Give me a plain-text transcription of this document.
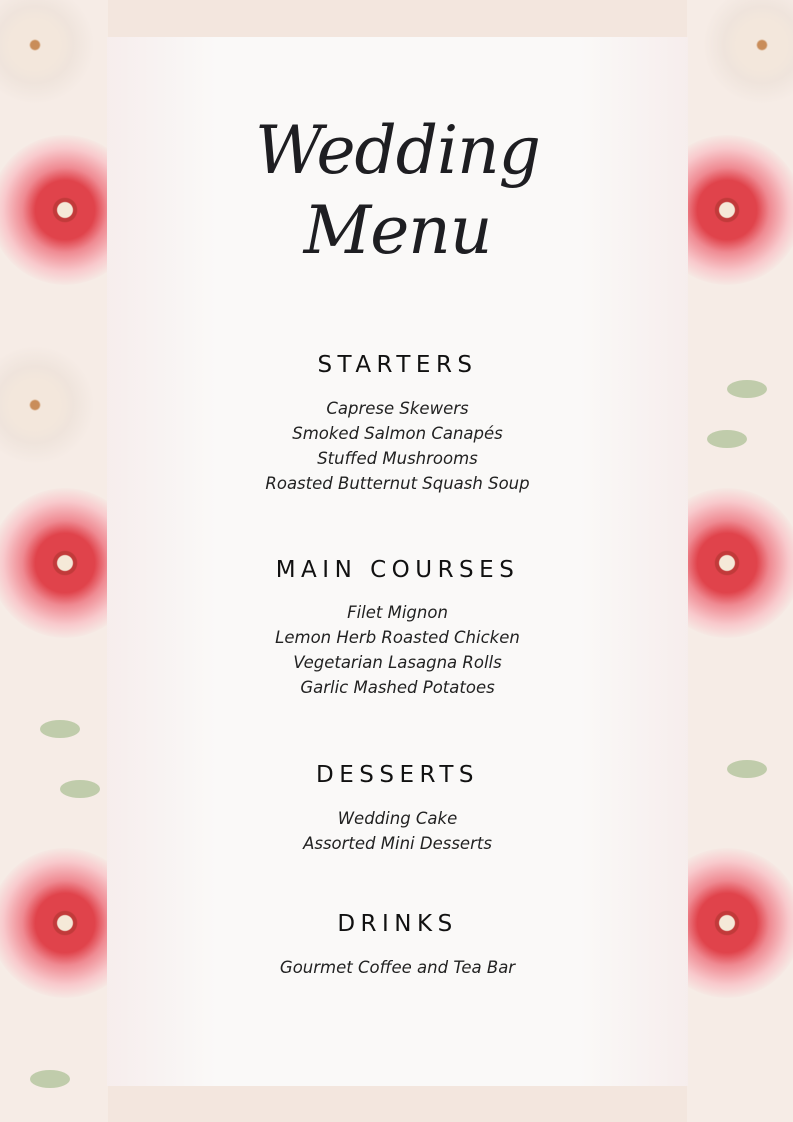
Wedding
Menu
STARTERS
Caprese Skewers
Smoked Salmon Canapés
Stuffed Mushrooms
Roasted Butternut Squash Soup
MAIN COURSES
Filet Mignon
Lemon Herb Roasted Chicken
Vegetarian Lasagna Rolls
Garlic Mashed Potatoes
DESSERTS
Wedding Cake
Assorted Mini Desserts
DRINKS
Gourmet Coffee and Tea Bar
